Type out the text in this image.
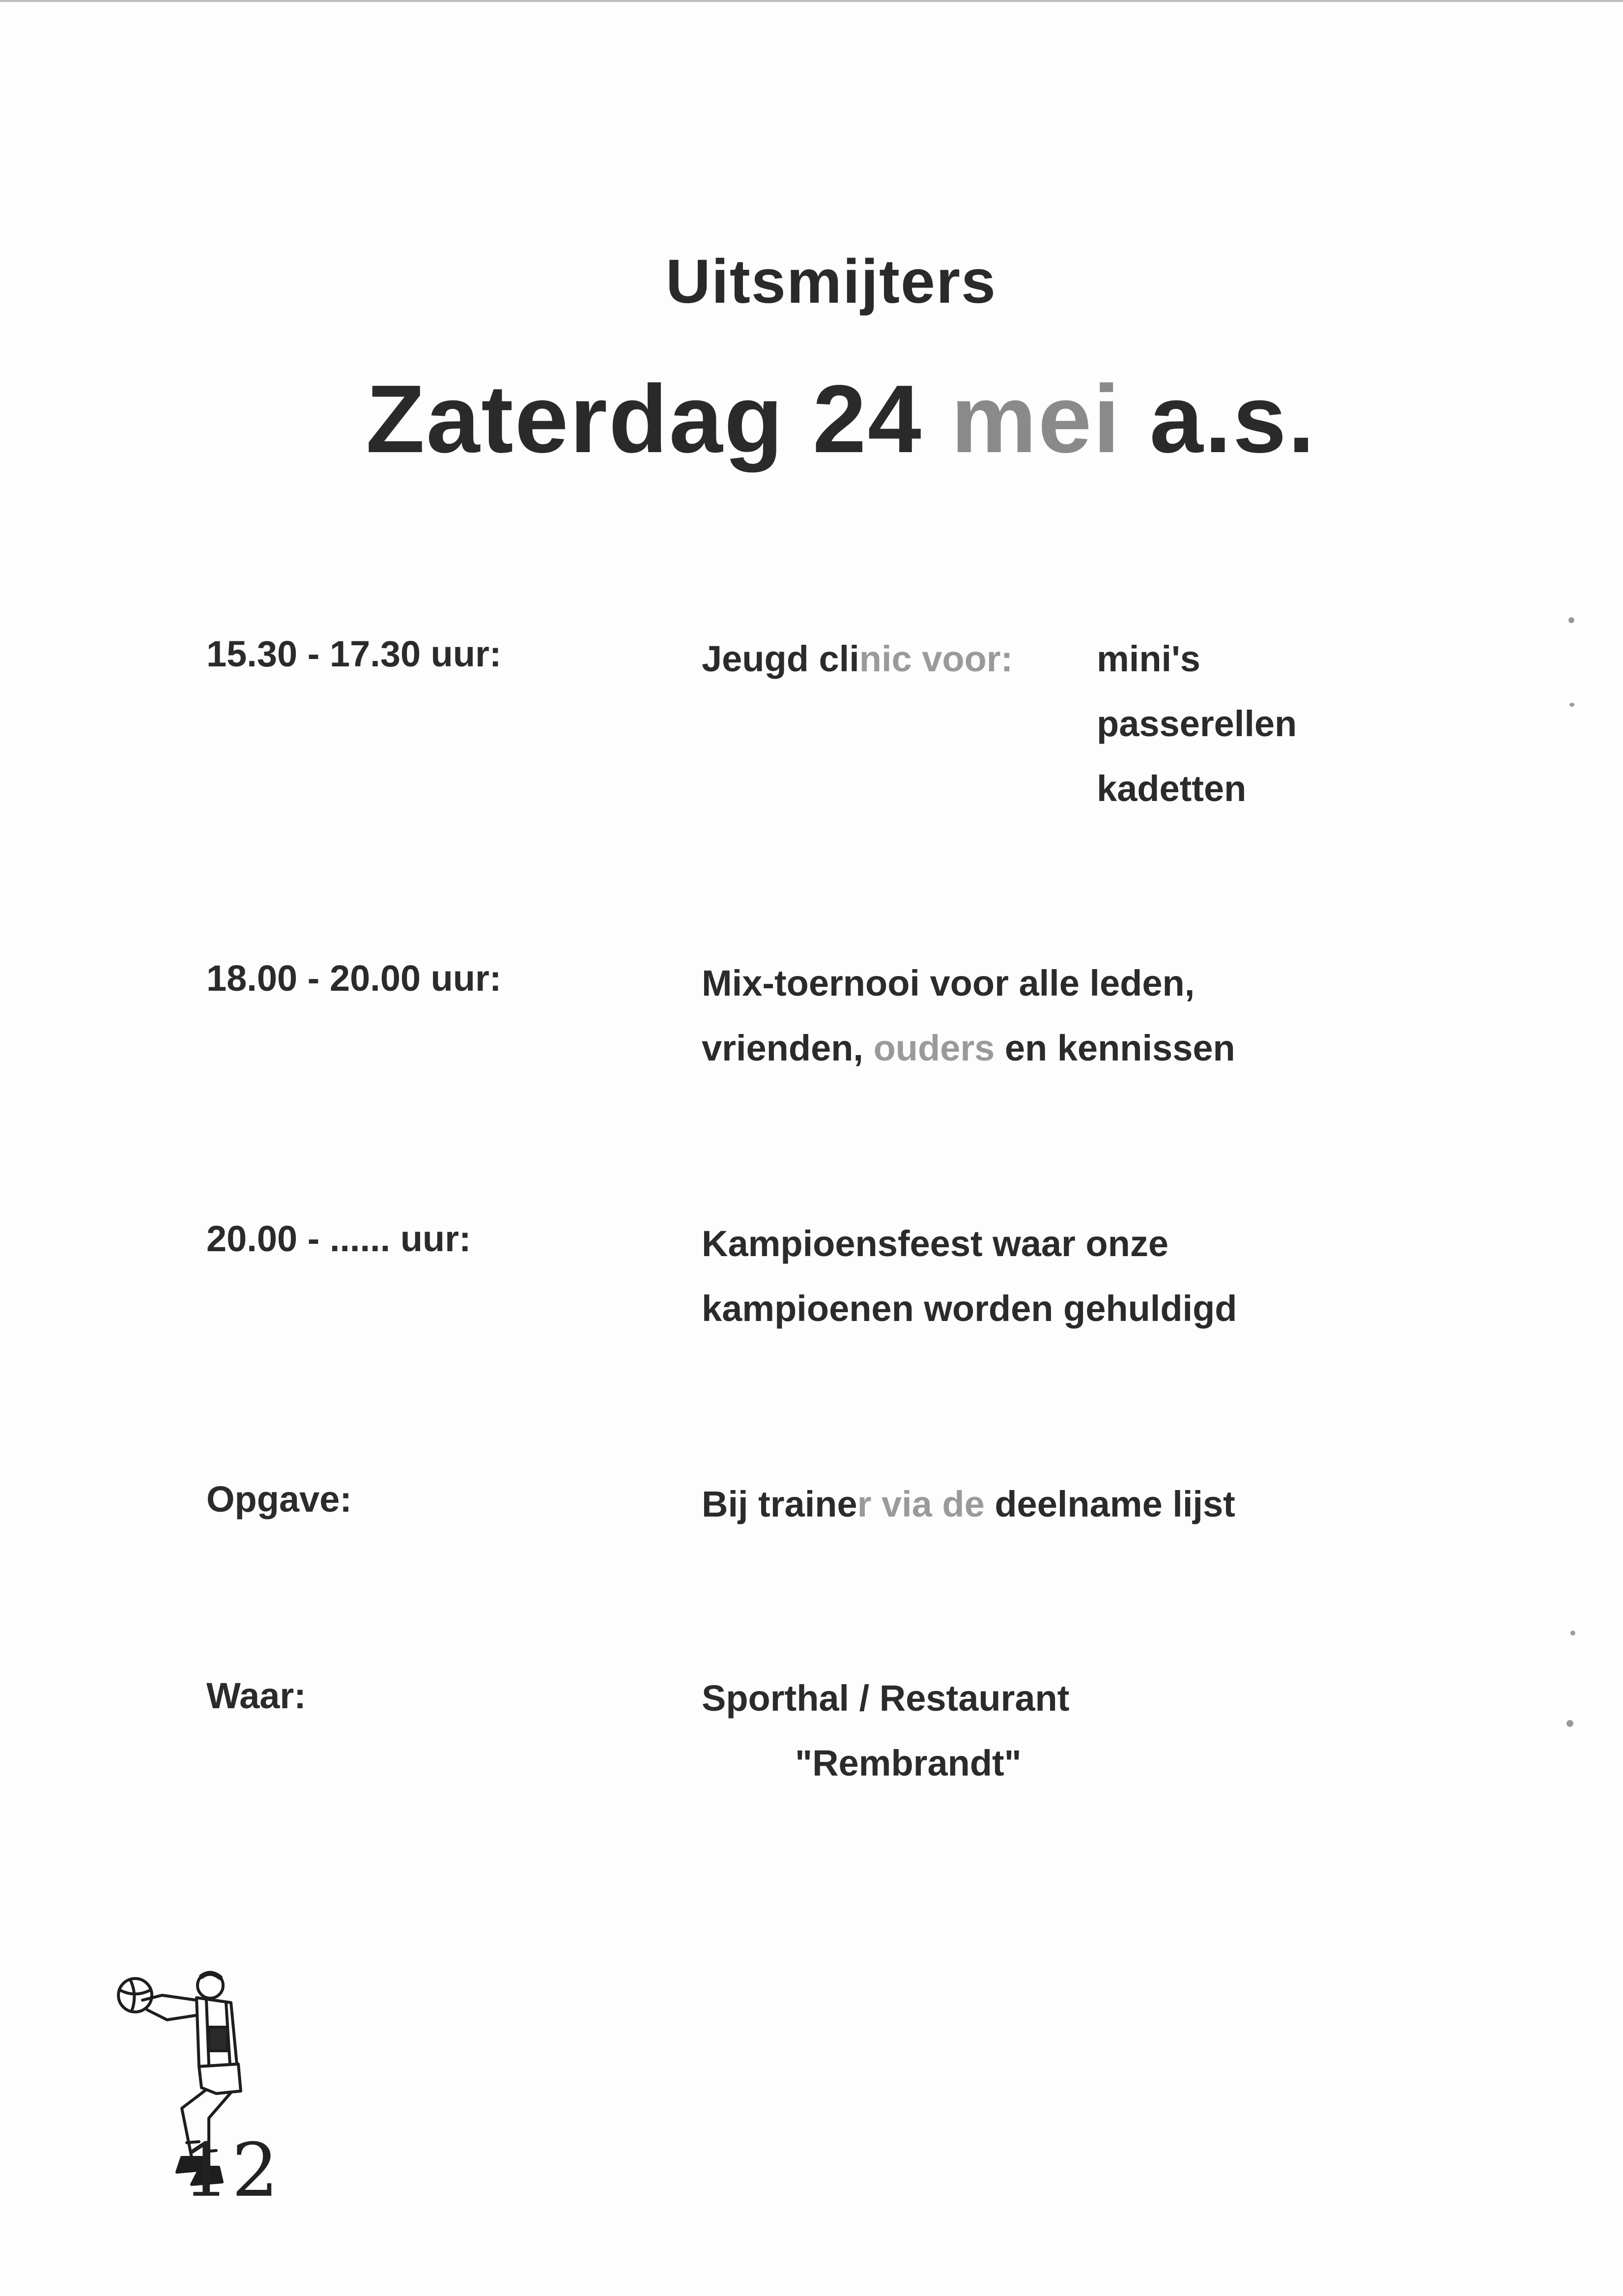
Uitsmijters
Zaterdag 24 mei a.s.
15.30 - 17.30 uur:	Jeugd clinic voor: mini's
passerellen
kadetten
18.00 - 20.00 uur:	Mix-toernooi voor alle leden,
vrienden, ouders en kennissen
20.00 - ...... uur:	Kampioensfeest waar onze
kampioenen worden gehuldigd
Opgave:	Bij trainer via de deelname lijst
Waar:	Sporthal / Restaurant
"Rembrandt"
12
